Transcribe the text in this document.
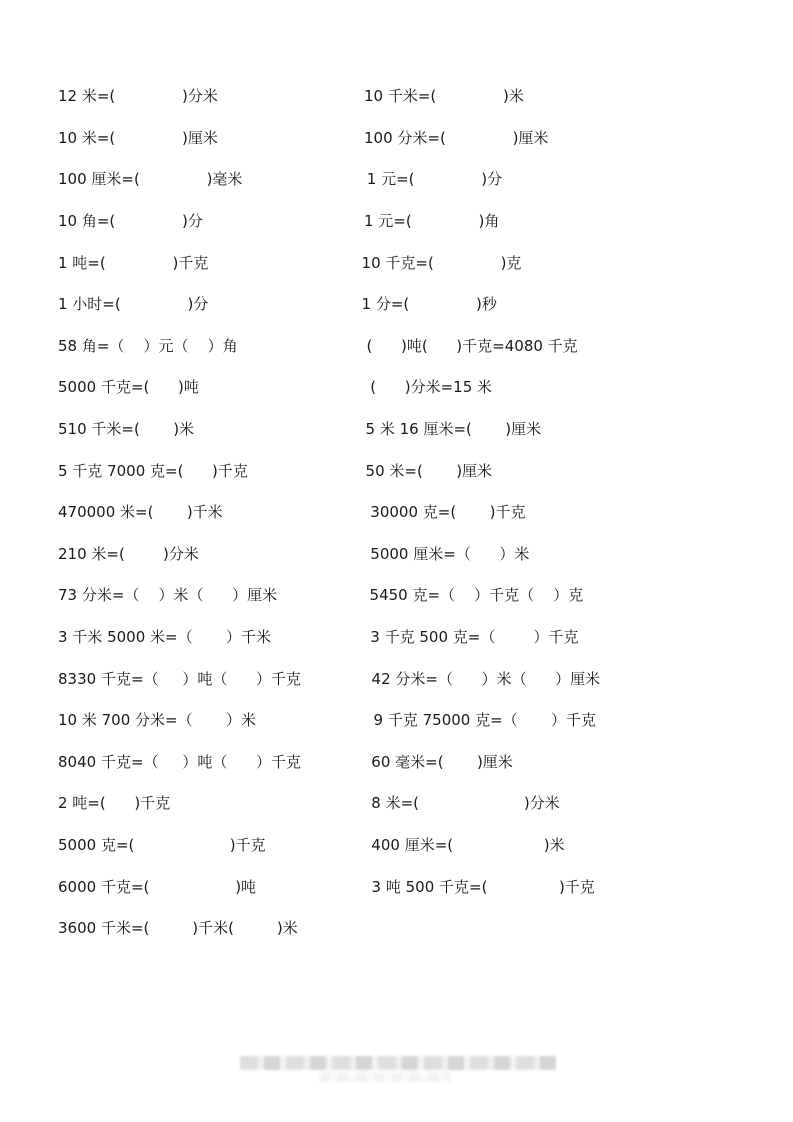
12 米=(              )分米	10 千米=(              )米
10 米=(              )厘米	100 分米=(              )厘米
100 厘米=(              )毫米	1 元=(              )分
10 角=(              )分	1 元=(              )角
1 吨=(              )千克	10 千克=(              )克
1 小时=(              )分	1 分=(              )秒
58 角=（    ）元（    ）角	(      )吨(      )千克=4080 千克
5000 千克=(      )吨	(      )分米=15 米
510 千米=(       )米	5 米 16 厘米=(       )厘米
5 千克 7000 克=(      )千克	50 米=(       )厘米
470000 米=(       )千米	30000 克=(       )千克
210 米=(        )分米	5000 厘米=（      ）米
73 分米=（    ）米（      ）厘米	5450 克=（    ）千克（    ）克
3 千米 5000 米=（       ）千米	3 千克 500 克=（        ）千克
8330 千克=（     ）吨（      ）千克	42 分米=（      ）米（      ）厘米
10 米 700 分米=（       ）米	9 千克 75000 克=（       ）千克
8040 千克=（     ）吨（      ）千克	60 毫米=(       )厘米
2 吨=(      )千克	8 米=(                      )分米
5000 克=(                    )千克	400 厘米=(                   )米
6000 千克=(                  )吨	3 吨 500 千克=(               )千克
3600 千米=(         )千米(         )米
